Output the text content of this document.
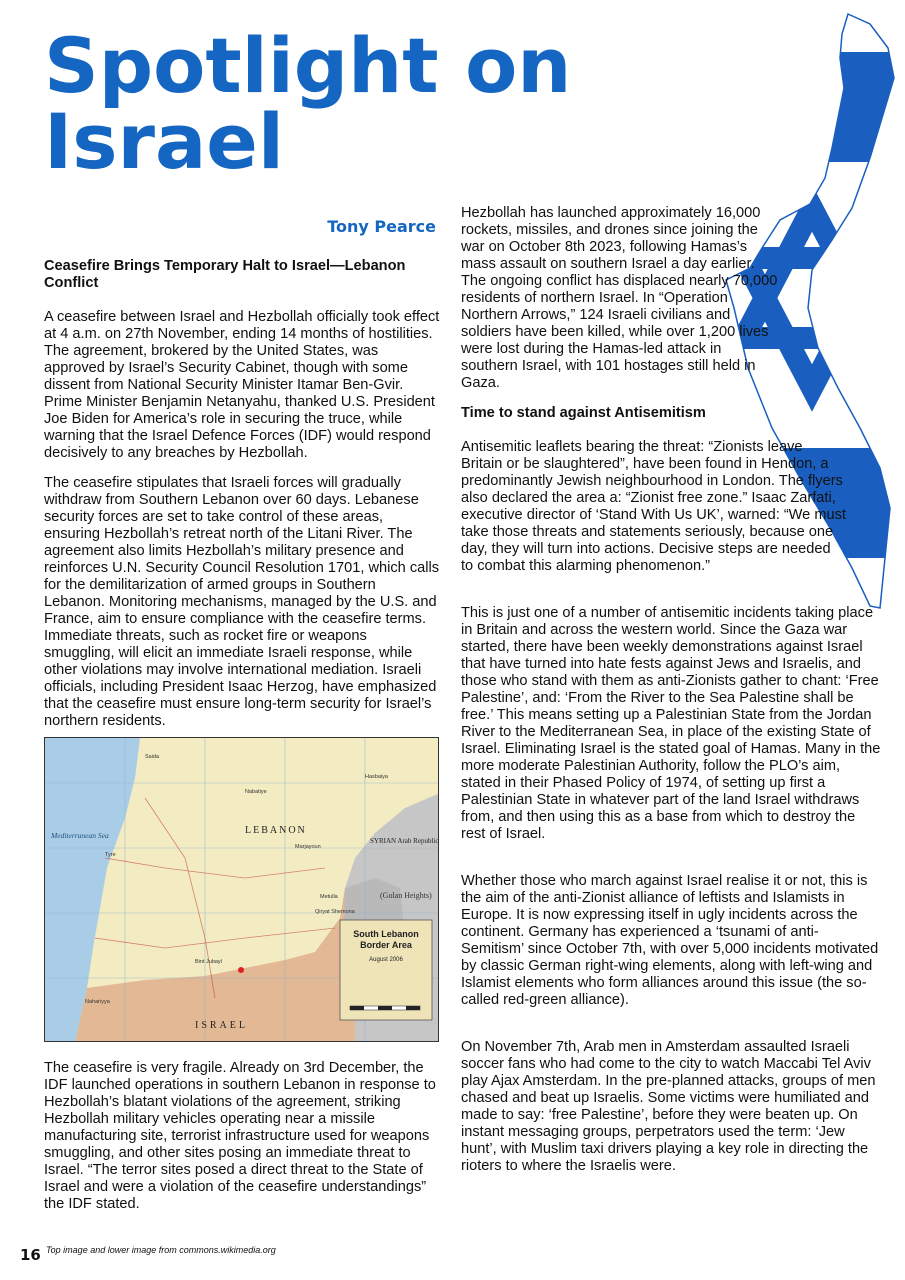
Spotlight on
Israel
Tony Pearce
Ceasefire Brings Temporary Halt to Israel—Lebanon Conflict

A ceasefire between Israel and Hezbollah officially took effect at 4 a.m. on 27th November, ending 14 months of hostilities. The agreement, brokered by the United States, was approved by Israel’s Security Cabinet, though with some dissent from National Security Minister Itamar Ben-Gvir. Prime Minister Benjamin Netanyahu, thanked U.S. President Joe Biden for America’s role in securing the truce, while warning that the Israel Defence Forces (IDF) would respond decisively to any breaches by Hezbollah.

The ceasefire stipulates that Israeli forces will gradually withdraw from Southern Lebanon over 60 days. Lebanese security forces are set to take control of these areas, ensuring Hezbollah’s retreat north of the Litani River. The agreement also limits Hezbollah’s military presence and reinforces U.N. Security Council Resolution 1701, which calls for the demilitarization of armed groups in Southern Lebanon. Monitoring mechanisms, managed by the U.S. and France, aim to ensure compliance with the ceasefire terms. Immediate threats, such as rocket fire or weapons smuggling, will elicit an immediate Israeli response, while other violations may involve international mediation. Israeli officials, including President Isaac Herzog, have emphasized that the ceasefire must ensure long-term security for Israel’s northern residents.

Mediterranean Sea	LEBANON
SYRIAN Arab Republic
(Golan Heights)
ISRAEL
Tyre
Nabatiye
Marjayoun
Bint Jubayl
Metulla
Qiryat Shemona
Nahariyya
Hasbaiya
Saida
South Lebanon Border Area
August 2006

The ceasefire is very fragile. Already on 3rd December, the IDF launched operations in southern Lebanon in response to Hezbollah’s blatant violations of the agreement, striking Hezbollah military vehicles operating near a missile manufacturing site, terrorist infrastructure used for weapons smuggling, and other sites posing an immediate threat to Israel. “The terror sites posed a direct threat to the State of Israel and were a violation of the ceasefire understandings” the IDF stated.

Hezbollah has launched approximately 16,000 rockets, missiles, and drones since joining the war on October 8th 2023, following Hamas’s mass assault on southern Israel a day earlier. The ongoing conflict has displaced nearly 70,000 residents of northern Israel. In “Operation Northern Arrows,” 124 Israeli civilians and soldiers have been killed, while over 1,200 lives were lost during the Hamas-led attack in southern Israel, with 101 hostages still held in Gaza.

Time to stand against Antisemitism

Antisemitic leaflets bearing the threat: “Zionists leave Britain or be slaughtered”, have been found in Hendon, a predominantly Jewish neighbourhood in London. The flyers also declared the area a: “Zionist free zone.” Isaac Zarfati, executive director of ‘Stand With Us UK’, warned: “We must take those threats and statements seriously, because one day, they will turn into actions. Decisive steps are needed to combat this alarming phenomenon.”

This is just one of a number of antisemitic incidents taking place in Britain and across the western world. Since the Gaza war started, there have been weekly demonstrations against Israel that have turned into hate fests against Jews and Israelis, and those who stand with them as anti-Zionists gather to chant: ‘Free Palestine’, and: ‘From the River to the Sea Palestine shall be free.’ This means setting up a Palestinian State from the Jordan River to the Mediterranean Sea, in place of the existing State of Israel. Eliminating Israel is the stated goal of Hamas. Many in the more moderate Palestinian Authority, follow the PLO’s aim, stated in their Phased Policy of 1974, of setting up first a Palestinian State in whatever part of the land Israel withdraws from, and then using this as a base from which to destroy the rest of Israel.

Whether those who march against Israel realise it or not, this is the aim of the anti-Zionist alliance of leftists and Islamists in Europe. It is now expressing itself in ugly incidents across the continent. Germany has experienced a ‘tsunami of anti-Semitism’ since October 7th, with over 5,000 incidents motivated by classic German right-wing elements, along with left-wing and Islamist elements who form alliances around this issue (the so-called red-green alliance).

On November 7th, Arab men in Amsterdam assaulted Israeli soccer fans who had come to the city to watch Maccabi Tel Aviv play Ajax Amsterdam. In the pre-planned attacks, groups of men chased and beat up Israelis. Some victims were humiliated and made to say: ‘free Palestine’, before they were beaten up. On instant messaging groups, perpetrators used the term: ‘Jew hunt’, with Muslim taxi drivers playing a key role in directing the rioters to where the Israelis were.

16 Top image and lower image from commons.wikimedia.org
